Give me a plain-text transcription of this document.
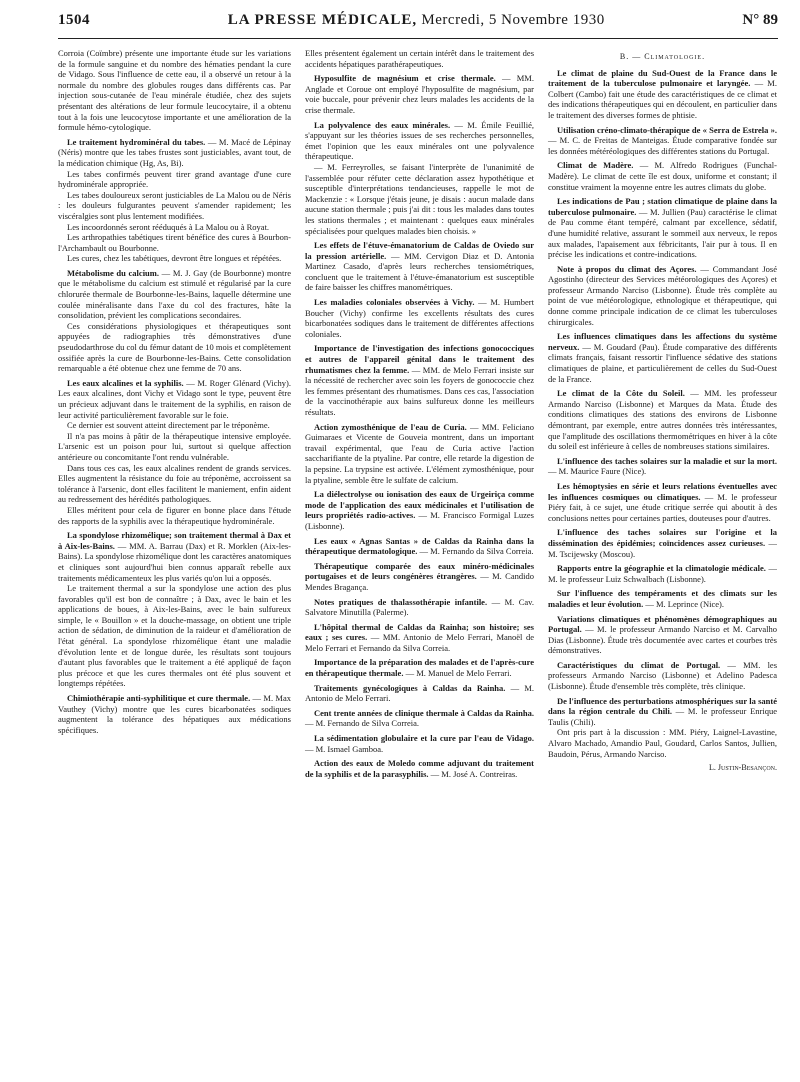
1504	LA PRESSE MÉDICALE, Mercredi, 5 Novembre 1930	N° 89

Corroia (Coïmbre) présente une importante étude sur les variations de la formule sanguine et du nombre des hématies pendant la cure de Vidago. Sous l'influence de cette eau, il a observé un retour à la normale du nombre des globules rouges dans différents cas. Par injection sous-cutanée de l'eau minérale étudiée, chez des sujets présentant des altérations de leur formule leucocytaire, il a obtenu tout à la fois une leucocytose importante et une amélioration de la formule hémo-cytologique.

Le traitement hydrominéral du tabes. — M. Macé de Lépinay (Néris) montre que les tabes frustes sont justiciables, avant tout, de la médication chimique (Hg, As, Bi).

Les tabes confirmés peuvent tirer grand avantage d'une cure hydrominérale appropriée.

Les tabes douloureux seront justiciables de La Malou ou de Néris : les douleurs fulgurantes peuvent s'amender rapidement; les viscéralgies sont plus lentement modifiées.

Les incoordonnés seront rééduqués à La Malou ou à Royat.

Les arthropathies tabétiques tirent bénéfice des cures à Bourbon-l'Archambault ou Bourbonne.

Les cures, chez les tabétiques, devront être longues et répétées.

Métabolisme du calcium. — M. J. Gay (de Bourbonne) montre que le métabolisme du calcium est stimulé et régularisé par la cure chlorurée thermale de Bourbonne-les-Bains, laquelle détermine une coulée minéralisante dans l'axe du col des fractures, hâte la consolidation, prévient les complications secondaires.

Ces considérations physiologiques et thérapeutiques sont appuyées de radiographies très démonstratives d'une pseudodarthrose du col du fémur datant de 10 mois et complètement ossifiée après la cure de Bourbonne-les-Bains. Cette consolidation remarquable a été obtenue chez une femme de 70 ans.

Les eaux alcalines et la syphilis. — M. Roger Glénard (Vichy). Les eaux alcalines, dont Vichy et Vidago sont le type, peuvent être un précieux adjuvant dans le traitement de la syphilis, en raison de leur activité particulièrement favorable sur le foie.

Ce dernier est souvent atteint directement par le tréponème.

Il n'a pas moins à pâtir de la thérapeutique intensive employée. L'arsenic est un poison pour lui, surtout si quelque affection antérieure ou concomitante l'ont rendu vulnérable.

Dans tous ces cas, les eaux alcalines rendent de grands services. Elles augmentent la résistance du foie au tréponème, accroissent sa tolérance à l'arsenic, dont elles facilitent le maniement, enfin aident au redressement des hérédités pathologiques.

Elles méritent pour cela de figurer en bonne place dans l'étude des rapports de la syphilis avec la thérapeutique hydrominérale.

La spondylose rhizomélique; son traitement thermal à Dax et à Aix-les-Bains. — MM. A. Barrau (Dax) et R. Morklen (Aix-les-Bains). La spondylose rhizomélique dont les caractères anatomiques et cliniques sont aujourd'hui bien connus apparaît rebelle aux traitements médicamenteux les plus variés qu'on lui a opposés.

Le traitement thermal a sur la spondylose une action des plus favorables qu'il est bon de connaître ; à Dax, avec le bain et les applications de boues, à Aix-les-Bains, avec le bain sulfureux simple, le « Bouillon » et la douche-massage, on obtient une triple action de sédation, de diminution de la raideur et d'amélioration de l'état général. La spondylose rhizomélique étant une maladie d'évolution lente et de longue durée, les résultats sont toujours d'autant plus favorables que le traitement a été appliqué de façon plus précoce et que les cures thermales ont été plus souvent et longtemps répétées.

Chimiothérapie anti-syphilitique et cure thermale. — M. Max Vauthey (Vichy) montre que les cures bicarbonatées sodiques augmentent la tolérance des hépatiques aux médications spécifiques.

Elles présentent également un certain intérêt dans le traitement des accidents hépatiques parathérapeutiques.

Hyposulfite de magnésium et crise thermale. — MM. Anglade et Coroue ont employé l'hyposulfite de magnésium, par voie buccale, pour prévenir chez leurs malades les accidents de la crise thermale.

La polyvalence des eaux minérales. — M. Émile Feuillié, s'appuyant sur les théories issues de ses recherches personnelles, émet l'opinion que les eaux minérales ont une polyvalence thérapeutique.

— M. Ferreyrolles, se faisant l'interprète de l'unanimité de l'assemblée pour réfuter cette déclaration assez hypothétique et susceptible d'interprétations tendancieuses, rappelle le mot de Mackenzie : « Lorsque j'étais jeune, je disais : aucun malade dans aucune station thermale ; puis j'ai dit : tous les malades dans toutes les stations thermales ; et maintenant : quelques eaux minérales spécialisées pour quelques malades bien choisis. »

Les effets de l'étuve-émanatorium de Caldas de Oviedo sur la pression artérielle. — MM. Cervigon Diaz et D. Antonia Martinez Casado, d'après leurs recherches tensiométriques, concluent que le traitement à l'étuve-émanatorium est susceptible de faire baisser les chiffres manométriques.

Les maladies coloniales observées à Vichy. — M. Humbert Boucher (Vichy) confirme les excellents résultats des cures bicarbonatées sodiques dans le traitement de différentes affections coloniales.

Importance de l'investigation des infections gonococciques et autres de l'appareil génital dans le traitement des rhumatismes chez la femme. — MM. de Melo Ferrari insiste sur la nécessité de rechercher avec soin les foyers de gonococcie chez les femmes présentant des rhumatismes. Dans ces cas, l'association de la vaccinothérapie aux bains sulfureux donne les meilleurs résultats.

Action zymosthénique de l'eau de Curia. — MM. Feliciano Guimaraes et Vicente de Gouveia montrent, dans un important travail expérimental, que l'eau de Curia active l'action saccharifiante de la ptyaline. Par contre, elle retarde la digestion de la pepsine. La trypsine est activée. L'élément zymosthénique, pour la ptyaline, semble être le sulfate de calcium.

La diélectrolyse ou ionisation des eaux de Urgeiriça comme mode de l'application des eaux médicinales et l'utilisation de leurs propriétés radio-actives. — M. Francisco Formigal Luzes (Lisbonne).

Les eaux « Agnas Santas » de Caldas da Rainha dans la thérapeutique dermatologique. — M. Fernando da Silva Correia.

Thérapeutique comparée des eaux minéro-médicinales portugaises et de leurs congénères étrangères. — M. Candido Mendes Bragança.

Notes pratiques de thalassothérapie infantile. — M. Cav. Salvatore Minutilla (Palerme).

L'hôpital thermal de Caldas da Rainha; son histoire; ses eaux ; ses cures. — MM. Antonio de Melo Ferrari, Manoël de Melo Ferrari et Fernando da Silva Correia.

Importance de la préparation des malades et de l'après-cure en thérapeutique thermale. — M. Manuel de Melo Ferrari.

Traitements gynécologiques à Caldas da Rainha. — M. Antonio de Melo Ferrari.

Cent trente années de clinique thermale à Caldas da Rainha. — M. Fernando de Silva Correia.

La sédimentation globulaire et la cure par l'eau de Vidago. — M. Ismael Gamboa.

Action des eaux de Moledo comme adjuvant du traitement de la syphilis et de la parasyphilis. — M. José A. Contreiras.

B. — Climatologie.

Le climat de plaine du Sud-Ouest de la France dans le traitement de la tuberculose pulmonaire et laryngée. — M. Colbert (Cambo) fait une étude des caractéristiques de ce climat et des indications thérapeutiques qui en découlent, en particulier dans le traitement des diverses formes de phtisie.

Utilisation créno-climato-thérapique de « Serra de Estrela ». — M. C. de Freitas de Manteigas. Étude comparative fondée sur les données météréologiques des différentes stations du Portugal.

Climat de Madère. — M. Alfredo Rodrigues (Funchal-Madère). Le climat de cette île est doux, uniforme et constant; il constitue vraiment la moyenne entre les autres climats du globe.

Les indications de Pau ; station climatique de plaine dans la tuberculose pulmonaire. — M. Jullien (Pau) caractérise le climat de Pau comme étant tempéré, calmant par excellence, sédatif, d'une humidité relative, assurant le sommeil aux nerveux, le repos aux malades, l'apaisement aux fébricitants, l'air pur à tous. Il en précise les indications et contre-indications.

Note à propos du climat des Açores. — Commandant José Agostinho (directeur des Services météorologiques des Açores) et professeur Armando Narciso (Lisbonne). Étude très complète au point de vue météorologique, ethnologique et thérapeutique, qui donne comme principale indication de ce climat les tuberculoses chirurgicales.

Les influences climatiques dans les affections du système nerveux. — M. Goudard (Pau). Étude comparative des différents climats français, faisant ressortir l'influence sédative des stations climatiques de plaine, et particulièrement de celles du Sud-Ouest de la France.

Le climat de la Côte du Soleil. — MM. les professeur Armando Narciso (Lisbonne) et Marques da Mata. Étude des conditions climatiques des stations des environs de Lisbonne démontrant, par exemple, entre autres données très intéressantes, que l'amplitude des oscillations thermométriques en hiver à la côte du soleil est inférieure à celles de nombreuses stations similaires.

L'influence des taches solaires sur la maladie et sur la mort. — M. Maurice Faure (Nice).

Les hémoptysies en série et leurs relations éventuelles avec les influences cosmiques ou climatiques. — M. le professeur Piéry fait, à ce sujet, une étude critique serrée qui aboutit à des conclusions nettes pour certaines parties, douteuses pour d'autres.

L'influence des taches solaires sur l'origine et la dissémination des épidémies; coïncidences assez curieuses. — M. Tscijewsky (Moscou).

Rapports entre la géographie et la climatologie médicale. — M. le professeur Luiz Schwalbach (Lisbonne).

Sur l'influence des tempéraments et des climats sur les maladies et leur évolution. — M. Leprince (Nice).

Variations climatiques et phénomènes démographiques au Portugal. — M. le professeur Armando Narciso et M. Carvalho Dias (Lisbonne). Étude très documentée avec cartes et courbes très démonstratives.

Caractéristiques du climat de Portugal. — MM. les professeurs Armando Narciso (Lisbonne) et Adelino Padesca (Lisbonne). Étude d'ensemble très complète, très clinique.

De l'influence des perturbations atmosphériques sur la santé dans la région centrale du Chili. — M. le professeur Enrique Taulis (Chili).

Ont pris part à la discussion : MM. Piéry, Laignel-Lavastine, Alvaro Machado, Amandio Paul, Goudard, Carlos Santos, Jullien, Baudoin, Pérus, Armando Narciso.

L. Justin-Besançon.
